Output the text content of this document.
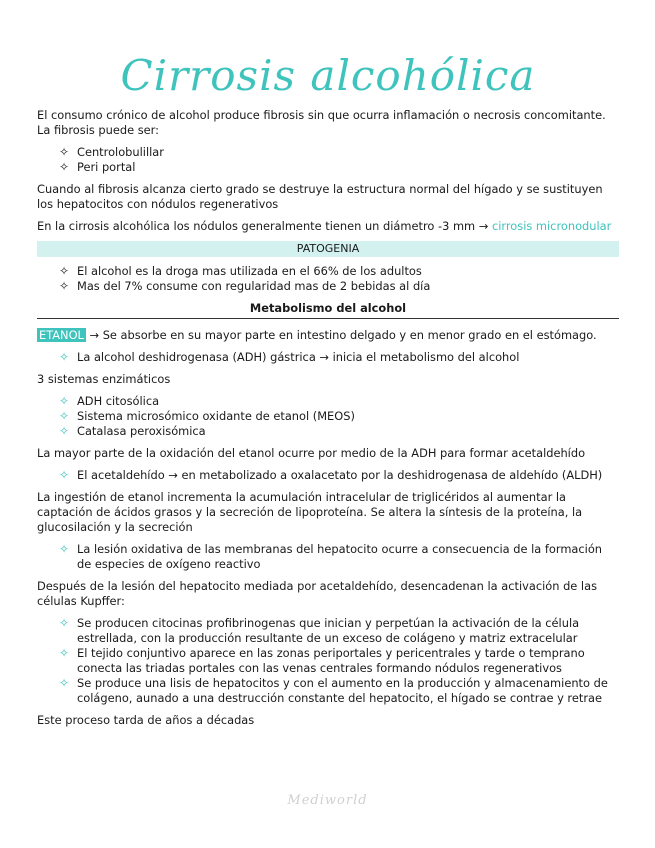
Cirrosis alcohólica

El consumo crónico de alcohol produce fibrosis sin que ocurra inflamación o necrosis concomitante. La fibrosis puede ser:

✧ Centrolobulillar
✧ Peri portal

Cuando al fibrosis alcanza cierto grado se destruye la estructura normal del hígado y se sustituyen los hepatocitos con nódulos regenerativos

En la cirrosis alcohólica los nódulos generalmente tienen un diámetro -3 mm → cirrosis micronodular

PATOGENIA
✧ El alcohol es la droga mas utilizada en el 66% de los adultos
✧ Mas del 7% consume con regularidad mas de 2 bebidas al día
Metabolismo del alcohol

ETANOL → Se absorbe en su mayor parte en intestino delgado y en menor grado en el estómago.

✧ La alcohol deshidrogenasa (ADH) gástrica → inicia el metabolismo del alcohol

3 sistemas enzimáticos

✧ ADH citosólica
✧ Sistema microsómico oxidante de etanol (MEOS)
✧ Catalasa peroxisómica

La mayor parte de la oxidación del etanol ocurre por medio de la ADH para formar acetaldehído

✧ El acetaldehído → en metabolizado a oxalacetato por la deshidrogenasa de aldehído (ALDH)

La ingestión de etanol incrementa la acumulación intracelular de triglicéridos al aumentar la captación de ácidos grasos y la secreción de lipoproteína. Se altera la síntesis de la proteína, la glucosilación y la secreción

✧ La lesión oxidativa de las membranas del hepatocito ocurre a consecuencia de la formación de especies de oxígeno reactivo

Después de la lesión del hepatocito mediada por acetaldehído, desencadenan la activación de las células Kupffer:

✧ Se producen citocinas profibrinogenas que inician y perpetúan la activación de la célula estrellada, con la producción resultante de un exceso de colágeno y matriz extracelular
✧ El tejido conjuntivo aparece en las zonas periportales y pericentrales y tarde o temprano conecta las triadas portales con las venas centrales formando nódulos regenerativos
✧ Se produce una lisis de hepatocitos y con el aumento en la producción y almacenamiento de colágeno, aunado a una destrucción constante del hepatocito, el hígado se contrae y retrae

Este proceso tarda de años a décadas

Mediworld
